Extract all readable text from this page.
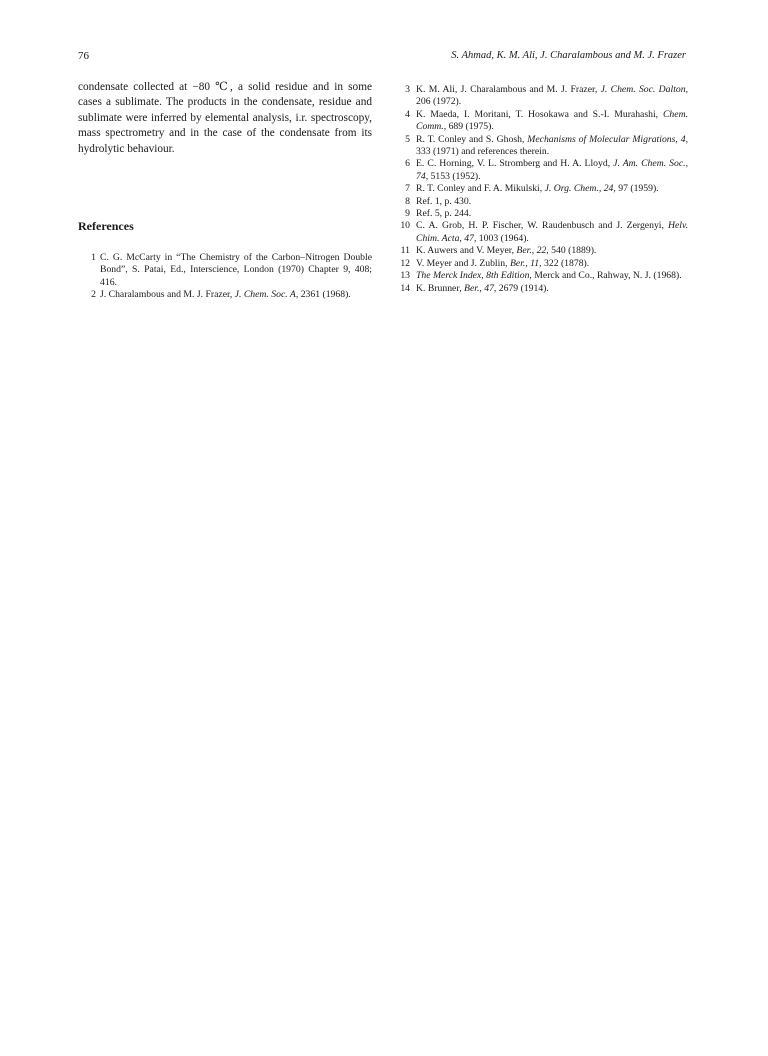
76	S. Ahmad, K. M. Ali, J. Charalambous and M. J. Frazer

condensate collected at −80 ℃, a solid residue and in some cases a sublimate. The products in the condensate, residue and sublimate were inferred by elemental analysis, i.r. spectroscopy, mass spectrometry and in the case of the condensate from its hydrolytic behaviour.

References
1 C. G. McCarty in “The Chemistry of the Carbon–Nitrogen Double Bond”, S. Patai, Ed., Interscience, London (1970) Chapter 9, 408; 416.
2 J. Charalambous and M. J. Frazer, J. Chem. Soc. A, 2361 (1968).
3 K. M. Ali, J. Charalambous and M. J. Frazer, J. Chem. Soc. Dalton, 206 (1972).
4 K. Maeda, I. Moritani, T. Hosokawa and S.-I. Murahashi, Chem. Comm., 689 (1975).
5 R. T. Conley and S. Ghosh, Mechanisms of Molecular Migrations, 4, 333 (1971) and references therein.
6 E. C. Horning, V. L. Stromberg and H. A. Lloyd, J. Am. Chem. Soc., 74, 5153 (1952).
7 R. T. Conley and F. A. Mikulski, J. Org. Chem., 24, 97 (1959).
8 Ref. 1, p. 430.
9 Ref. 5, p. 244.
10 C. A. Grob, H. P. Fischer, W. Raudenbusch and J. Zergenyi, Helv. Chim. Acta, 47, 1003 (1964).
11 K. Auwers and V. Meyer, Ber., 22, 540 (1889).
12 V. Meyer and J. Zublin, Ber., 11, 322 (1878).
13 The Merck Index, 8th Edition, Merck and Co., Rahway, N. J. (1968).
14 K. Brunner, Ber., 47, 2679 (1914).
